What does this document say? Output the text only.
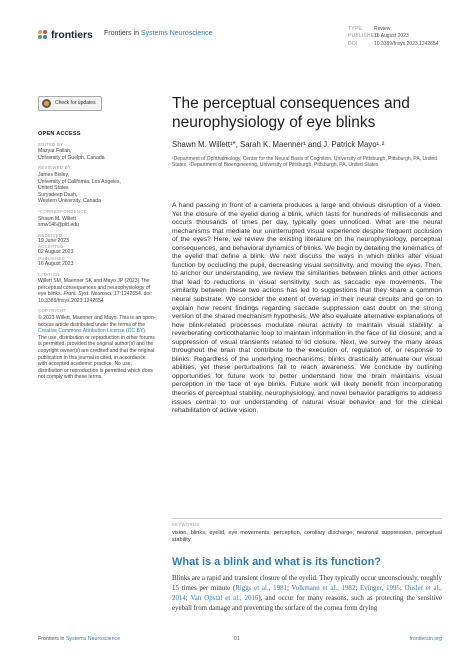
frontiers Frontiers in Systems Neuroscience
TYPE Review
PUBLISHED16 August 2023
DOI	10.3389/fnsys.2023.1242654
Check for updates
OPEN ACCESS
EDITED BY
Mazyar Fallah,
University of Guelph, Canada
REVIEWED BY
James Bisley,
University of California, Los Angeles,
United States
Suryadeep Dash,
Western University, Canada
*CORRESPONDENCE
Shawn M. Willett
smw146@pitt.edu
RECEIVED
19 June 2023
ACCEPTED
02 August 2023
PUBLISHED
16 August 2023
CITATION
Willett SM, Maenner SK and Mayo JP (2023) The perceptual consequences and neurophysiology of eye blinks. Front. Syst. Neurosci. 17:1242654. doi: 10.3389/fnsys.2023.1242654
COPYRIGHT
© 2023 Willett, Maenner and Mayo. This is an open-access article distributed under the terms of the Creative Commons Attribution License (CC BY). The use, distribution or reproduction in other forums is permitted, provided the original author(s) and the copyright owner(s) are credited and that the original publication in this journal is cited, in accordance with accepted academic practice. No use, distribution or reproduction is permitted which does not comply with these terms.
The perceptual consequences and neurophysiology of eye blinks
Shawn M. Willett¹*, Sarah K. Maenner¹ and J. Patrick Mayo¹˒²
¹Department of Ophthalmology, Center for the Neural Basis of Cognition, University of Pittsburgh, Pittsburgh, PA, United States, ²Department of Bioengineering, University of Pittsburgh, Pittsburgh, PA, United States
A hand passing in front of a camera produces a large and obvious disruption of a video. Yet the closure of the eyelid during a blink, which lasts for hundreds of milliseconds and occurs thousands of times per day, typically goes unnoticed. What are the neural mechanisms that mediate our uninterrupted visual experience despite frequent occlusion of the eyes? Here, we review the existing literature on the neurophysiology, perceptual consequences, and behavioral dynamics of blinks. We begin by detailing the kinematics of the eyelid that define a blink. We next discuss the ways in which blinks alter visual function by occluding the pupil, decreasing visual sensitivity, and moving the eyes. Then, to anchor our understanding, we review the similarities between blinks and other actions that lead to reductions in visual sensitivity, such as saccadic eye movements. The similarity between these two actions has led to suggestions that they share a common neural substrate. We consider the extent of overlap in their neural circuits and go on to explain how recent findings regarding saccade suppression cast doubt on the strong version of the shared mechanism hypothesis. We also evaluate alternative explanations of how blink-related processes modulate neural activity to maintain visual stability: a reverberating corticothalamic loop to maintain information in the face of lid closure; and a suppression of visual transients related to lid closure. Next, we survey the many areas throughout the brain that contribute to the execution of, regulation of, or response to blinks. Regardless of the underlying mechanisms, blinks drastically attenuate our visual abilities, yet these perturbations fail to reach awareness. We conclude by outlining opportunities for future work to better understand how the brain maintains visual perception in the face of eye blinks. Future work will likely benefit from incorporating theories of perceptual stability, neurophysiology, and novel behavior paradigms to address issues central to our understanding of natural visual behavior and for the clinical rehabilitation of active vision.
KEYWORDS
vision, blinks, eyelid, eye movements, perception, corollary discharge, neuronal suppression, perceptual stability
What is a blink and what is its function?
Blinks are a rapid and transient closure of the eyelid. They typically occur unconsciously, roughly 15 times per minute (Riggs et al., 1981; Volkmann et al., 1982; Evinger, 1995; Ousler et al., 2014; Van Opstal et al., 2016), and occur for many reasons, such as protecting the sensitive eyeball from damage and preventing the surface of the cornea from drying
Frontiers in Systems Neuroscience	01	frontiersin.org
